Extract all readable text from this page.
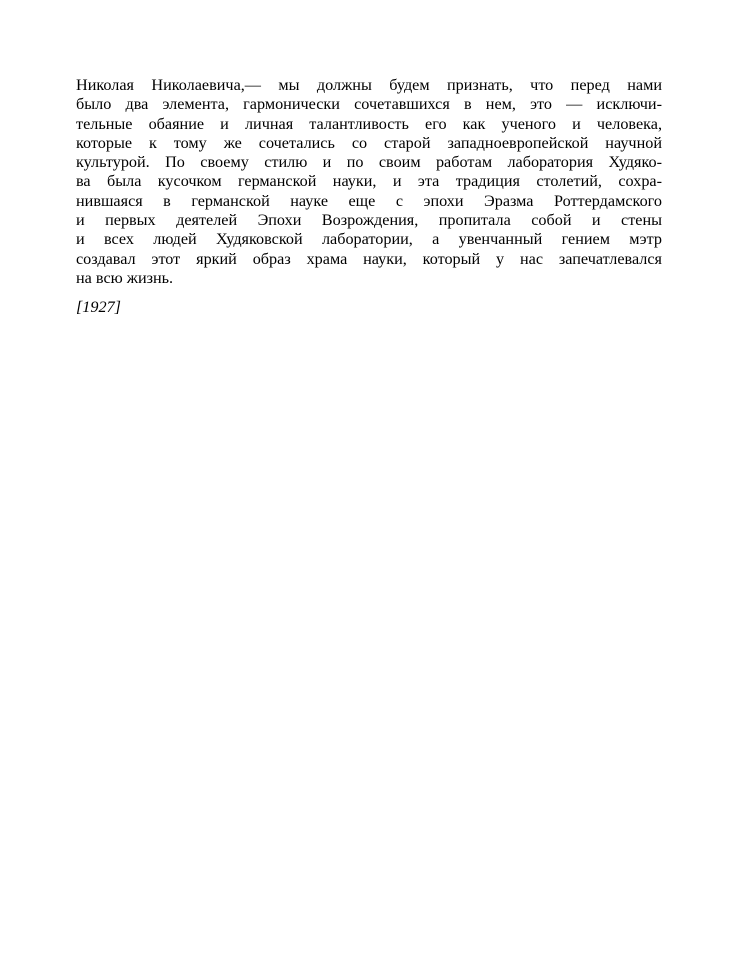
Николая Николаевича,— мы должны будем признать, что перед нами
было два элемента, гармонически сочетавшихся в нем, это — исключи-
тельные обаяние и личная талантливость его как ученого и человека,
которые к тому же сочетались со старой западноевропейской научной
культурой. По своему стилю и по своим работам лаборатория Худяко-
ва была кусочком германской науки, и эта традиция столетий, сохра-
нившаяся в германской науке еще с эпохи Эразма Роттердамского
и первых деятелей Эпохи Возрождения, пропитала собой и стены
и всех людей Худяковской лаборатории, а увенчанный гением мэтр
создавал этот яркий образ храма науки, который у нас запечатлевался
на всю жизнь.
[1927]
